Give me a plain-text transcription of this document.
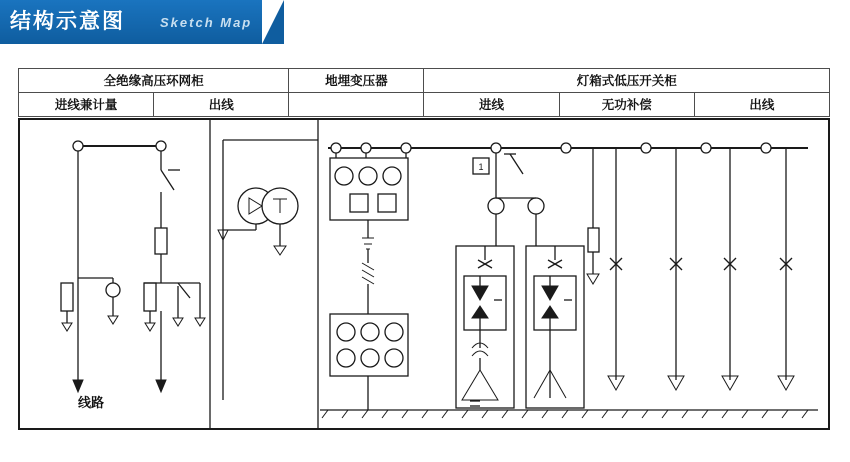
结构示意图	Sketch Map
全绝缘高压环网柜		地埋变压器	灯箱式低压开关柜		
进线兼计量	出线		进线	无功补偿	出线
1
线路
